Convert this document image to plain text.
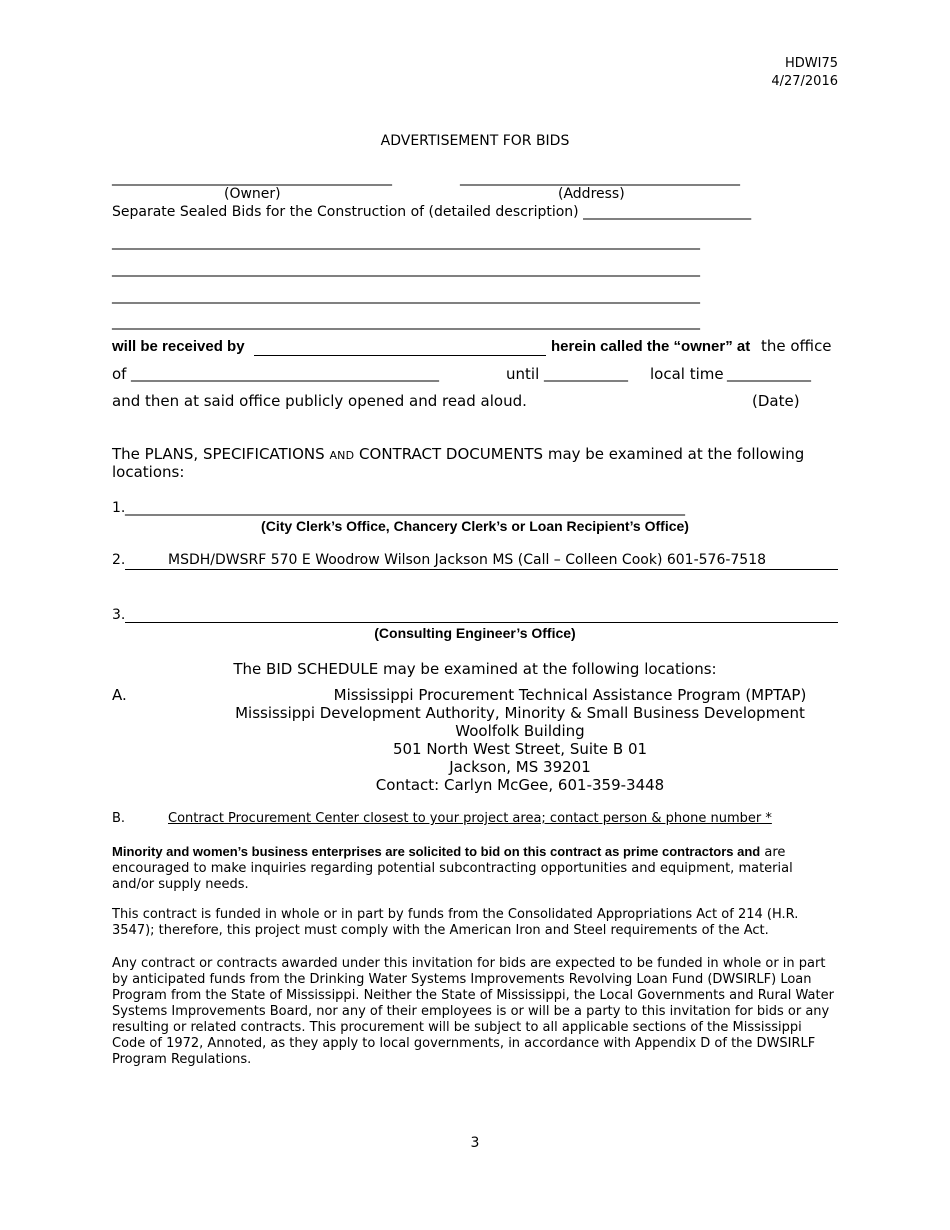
HDWI75
4/27/2016
ADVERTISEMENT FOR BIDS
________________________________________	________________________________________
(Owner)	(Address)
Separate Sealed Bids for the Construction of (detailed description) ________________________
____________________________________________________________________________________
____________________________________________________________________________________
____________________________________________________________________________________
____________________________________________________________________________________
will be received by	herein called the “owner” at the office
of ____________________________________________	until ____________ local time ____________
and then at said office publicly opened and read aloud.	(Date)
The PLANS, SPECIFICATIONS AND CONTRACT DOCUMENTS may be examined at the following
locations:
1. ________________________________________________________________________________
(City Clerk’s Office, Chancery Clerk’s or Loan Recipient’s Office)
2.	MSDH/DWSRF 570 E Woodrow Wilson Jackson MS (Call – Colleen Cook) 601-576-7518
3.
(Consulting Engineer’s Office)
The BID SCHEDULE may be examined at the following locations:
A.	Mississippi Procurement Technical Assistance Program (MPTAP)
Mississippi Development Authority, Minority & Small Business Development
Woolfolk Building
501 North West Street, Suite B 01
Jackson, MS 39201
Contact: Carlyn McGee, 601-359-3448
B.	Contract Procurement Center closest to your project area; contact person & phone number *
Minority and women’s business enterprises are solicited to bid on this contract as prime contractors and are encouraged to make inquiries regarding potential subcontracting opportunities and equipment, material and/or supply needs.
This contract is funded in whole or in part by funds from the Consolidated Appropriations Act of 214 (H.R. 3547); therefore, this project must comply with the American Iron and Steel requirements of the Act.
Any contract or contracts awarded under this invitation for bids are expected to be funded in whole or in part by anticipated funds from the Drinking Water Systems Improvements Revolving Loan Fund (DWSIRLF) Loan Program from the State of Mississippi. Neither the State of Mississippi, the Local Governments and Rural Water Systems Improvements Board, nor any of their employees is or will be a party to this invitation for bids or any resulting or related contracts. This procurement will be subject to all applicable sections of the Mississippi Code of 1972, Annoted, as they apply to local governments, in accordance with Appendix D of the DWSIRLF Program Regulations.
3
